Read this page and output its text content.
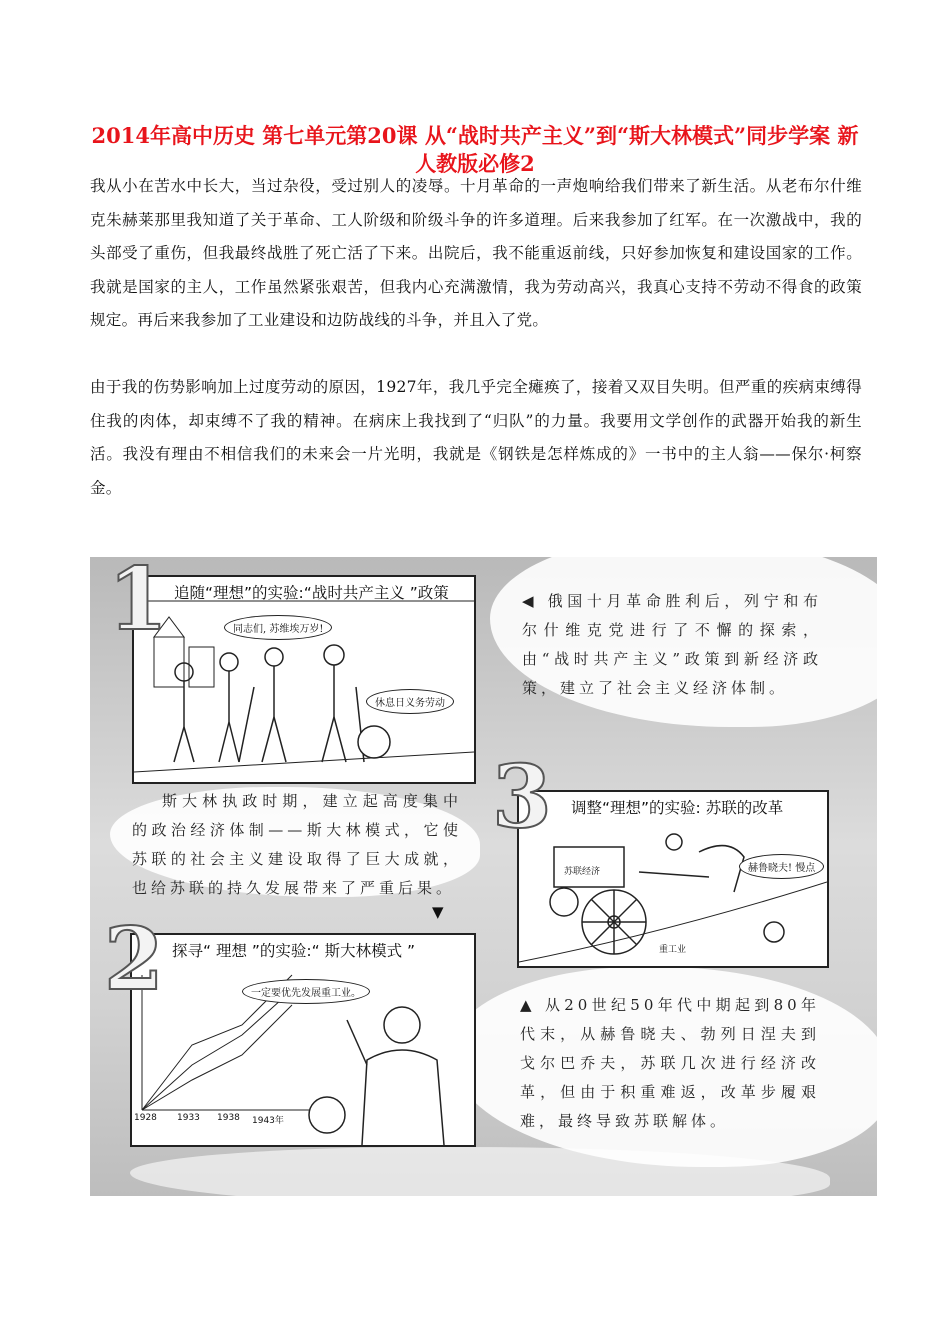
2014年高中历史 第七单元第20课 从“战时共产主义”到“斯大林模式”同步学案 新人教版必修2
我从小在苦水中长大，当过杂役，受过别人的凌辱。十月革命的一声炮响给我们带来了新生活。从老布尔什维克朱赫莱那里我知道了关于革命、工人阶级和阶级斗争的许多道理。后来我参加了红军。在一次激战中，我的头部受了重伤，但我最终战胜了死亡活了下来。出院后，我不能重返前线，只好参加恢复和建设国家的工作。我就是国家的主人，工作虽然紧张艰苦，但我内心充满激情，我为劳动高兴，我真心支持不劳动不得食的政策规定。再后来我参加了工业建设和边防战线的斗争，并且入了党。
由于我的伤势影响加上过度劳动的原因，1927年，我几乎完全瘫痪了，接着又双目失明。但严重的疾病束缚得住我的肉体，却束缚不了我的精神。在病床上我找到了“归队”的力量。我要用文学创作的武器开始我的新生活。我没有理由不相信我们的未来会一片光明，我就是《钢铁是怎样炼成的》一书中的主人翁——保尔·柯察金。
追随“理想”的实验:“战时共产主义 ”政策
同志们, 苏维埃万岁!
休息日义务劳动
1	◀ 俄国十月革命胜利后，列宁和布尔什维克党进行了不懈的探索，由“战时共产主义”政策到新经济政策，建立了社会主义经济体制。
斯大林执政时期，建立起高度集中的政治经济体制——斯大林模式，它使苏联的社会主义建设取得了巨大成就，也给苏联的持久发展带来了严重后果。
▼
探寻“ 理想 ”的实验:“ 斯大林模式 ”
一定要优先发展重工业。
1928 1933 1938 1943年
2
调整“理想”的实验: 苏联的改革
赫鲁晓夫! 慢点
苏联经济
重工业
3
▲ 从20世纪50年代中期起到80年代末，从赫鲁晓夫、勃列日涅夫到戈尔巴乔夫，苏联几次进行经济改革，但由于积重难返，改革步履艰难，最终导致苏联解体。
